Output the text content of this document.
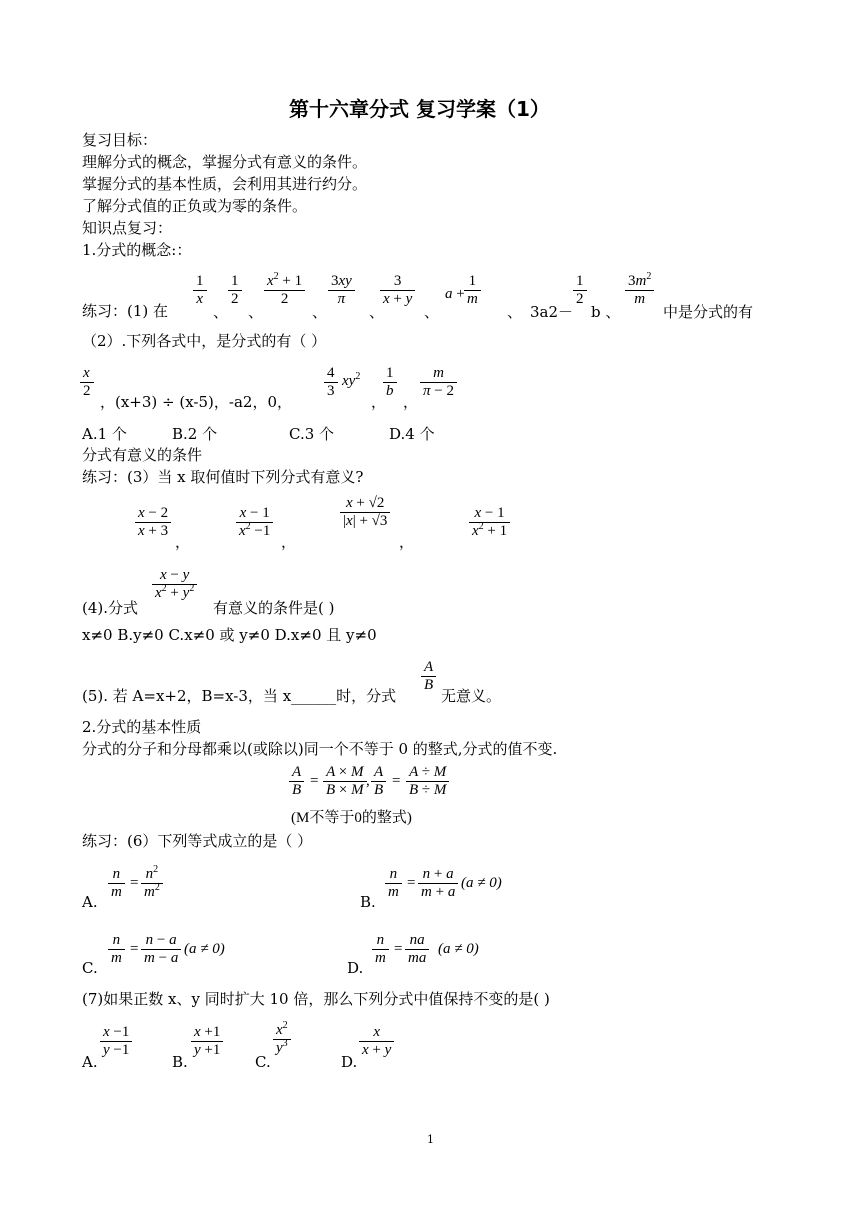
第十六章分式 复习学案（1）
复习目标：
理解分式的概念，掌握分式有意义的条件。
掌握分式的基本性质，会利用其进行约分。
了解分式值的正负或为零的条件。
知识点复习：
1.分式的概念:：
练习：(1) 在
$\frac{1}{x}$
、
$\frac{1}{2}$
、
$\frac{x^2 + 1}{2}$
、
$\frac{3xy}{\pi}$
、
$\frac{3}{x + y}$
、
$a + \frac{1}{m}$
、 3a2－
$\frac{1}{2}$
b 、
$\frac{3m^2}{m}$
中是分式的有
（2）.下列各式中，是分式的有（ ）
$\frac{x}{2}$
，(x+3) ÷ (x-5)，-a2，0，
$\frac{4}{3} xy^2$
，
$\frac{1}{b}$
，
$\frac{m}{\pi - 2}$
A.1 个	B.2 个	C.3 个	D.4 个
分式有意义的条件
练习：(3）当 x 取何值时下列分式有意义?
$\frac{x - 2}{x + 3}$
，
$\frac{x - 1}{x^2 -1}$
，
$\frac{x + √2}{|x| + √3}$
，
$\frac{x - 1}{x^2 + 1}$
(4).分式
$\frac{x - y}{x^2 + y^2}$
有意义的条件是( )
x≠0 B.y≠0 C.x≠0 或 y≠0 D.x≠0 且 y≠0
(5). 若 A=x+2，B=x-3，当 x______时，分式
$\frac{A}{B}$
无意义。
2.分式的基本性质
分式的分子和分母都乘以(或除以)同一个不等于 0 的整式,分式的值不变.
$\frac{A}{B} = \frac{A \times M}{B \times M}$ , $\frac{A}{B} = \frac{A \div M}{B \div M}$
(M不等于0的整式)
练习：(6）下列等式成立的是（ ）
A.
$\frac{n}{m} = \frac{n^2}{m^2}$
B.
$\frac{n}{m} = \frac{n + a}{m + a} (a \ne 0)$
C.
$\frac{n}{m} = \frac{n - a}{m - a} (a \ne 0)$
D.
$\frac{n}{m} = \frac{na}{ma} (a \ne 0)$
(7)如果正数 x、y 同时扩大 10 倍，那么下列分式中值保持不变的是( )
A.
$\frac{x -1}{y -1}$
B.
$\frac{x +1}{y +1}$
C.
$\frac{x^2}{y^3}$
D.
$\frac{x}{x + y}$
1
